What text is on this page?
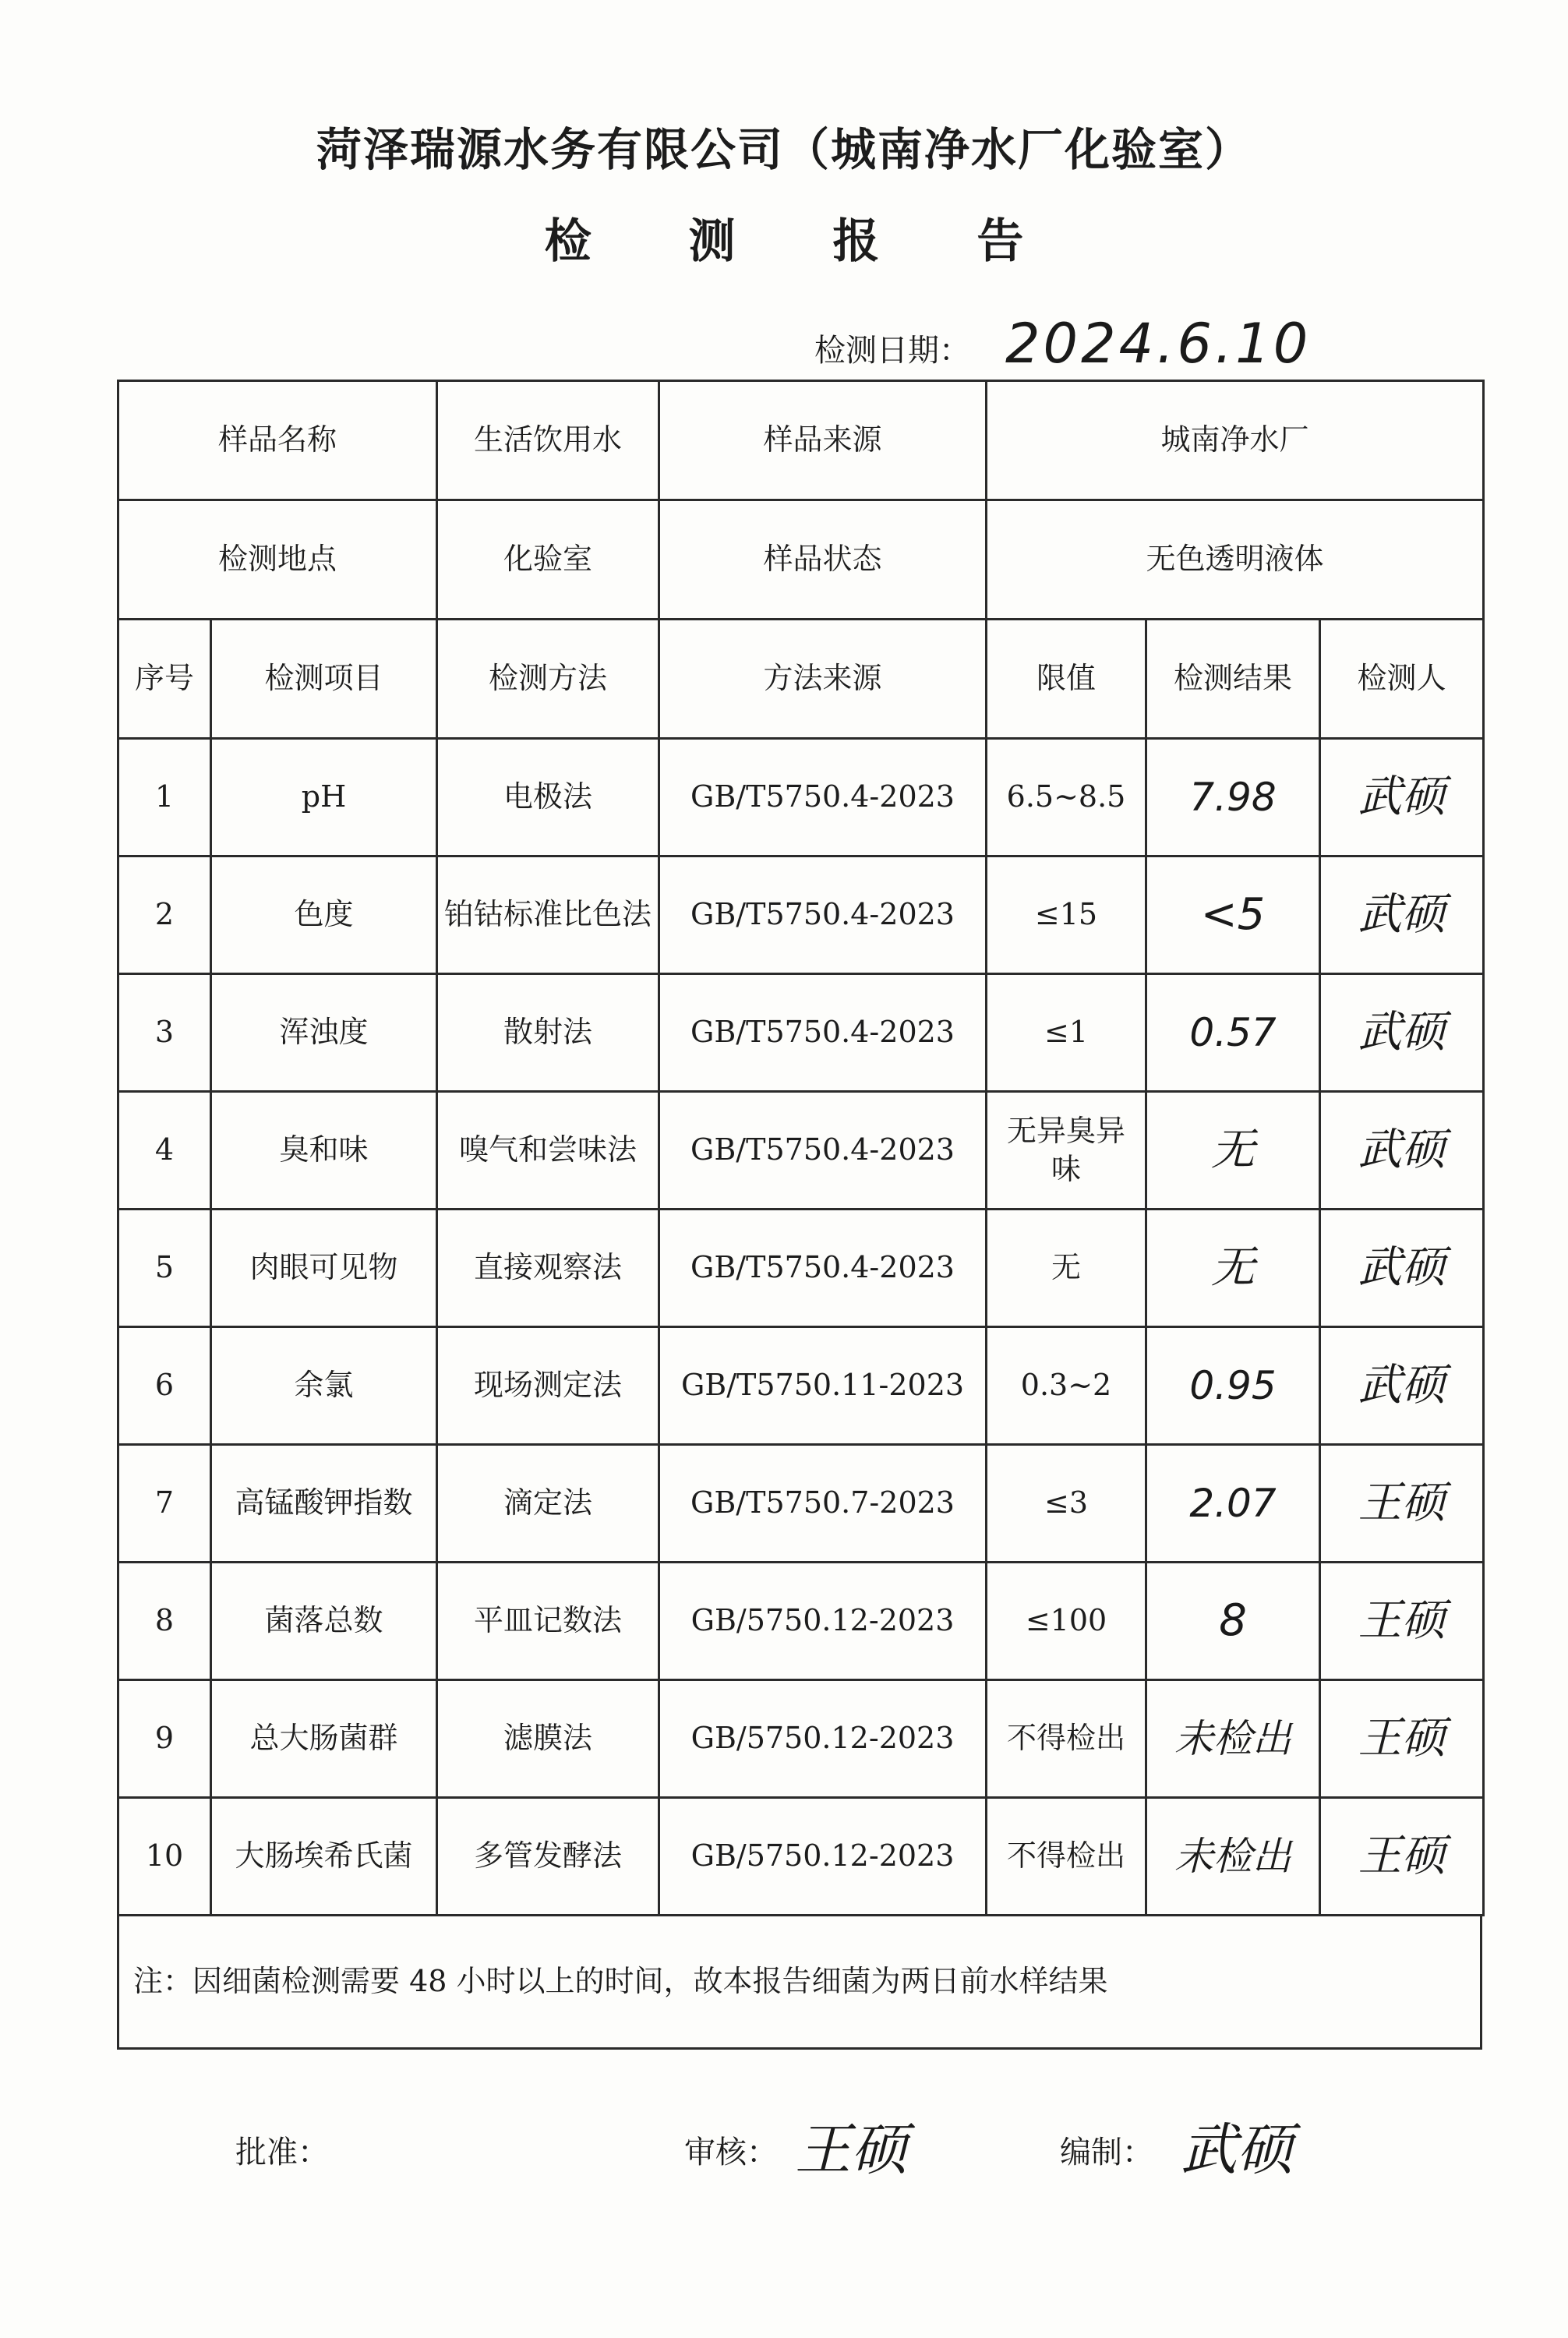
菏泽瑞源水务有限公司（城南净水厂化验室）
检 测 报 告
检测日期： 2024.6.10
样品名称		生活饮用水	样品来源	城南净水厂		
检测地点		化验室	样品状态	无色透明液体		
序号	检测项目	检测方法	方法来源	限值	检测结果	检测人
1	pH	电极法	GB/T5750.4-2023	6.5~8.5	7.98	武硕
2	色度	铂钴标准比色法	GB/T5750.4-2023	≤15	<5	武硕
3	浑浊度	散射法	GB/T5750.4-2023	≤1	0.57	武硕
4	臭和味	嗅气和尝味法	GB/T5750.4-2023	无异臭异味	无	武硕
5	肉眼可见物	直接观察法	GB/T5750.4-2023	无	无	武硕
6	余氯	现场测定法	GB/T5750.11-2023	0.3~2	0.95	武硕
7	高锰酸钾指数	滴定法	GB/T5750.7-2023	≤3	2.07	王硕
8	菌落总数	平皿记数法	GB/5750.12-2023	≤100	8	王硕
9	总大肠菌群	滤膜法	GB/5750.12-2023	不得检出	未检出	王硕
10	大肠埃希氏菌	多管发酵法	GB/5750.12-2023	不得检出	未检出	王硕
注：因细菌检测需要 48 小时以上的时间，故本报告细菌为两日前水样结果
批准：	审核： 王硕	编制： 武硕
